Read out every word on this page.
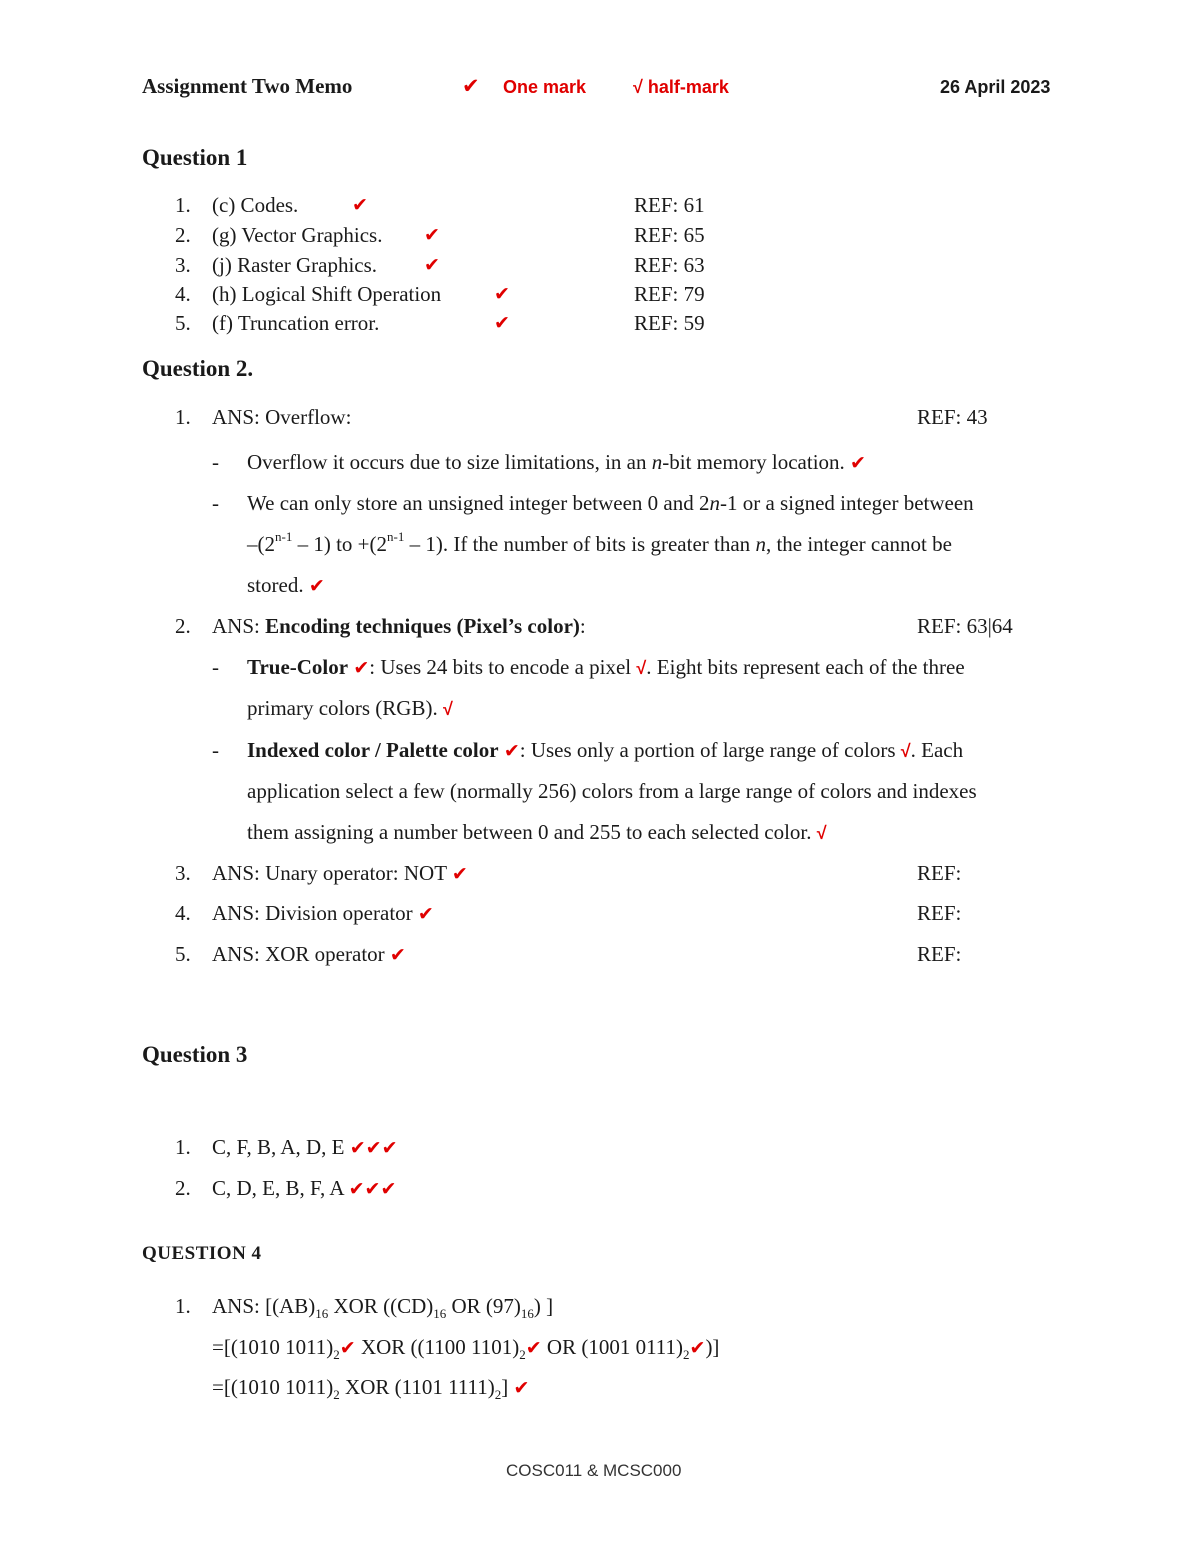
Assignment Two Memo	✔ One mark	√ half-mark	26 April 2023
Question 1
1. (c) Codes.	✔	REF: 61
2. (g) Vector Graphics. ✔	REF: 65
3. (j) Raster Graphics. ✔	REF: 63
4. (h) Logical Shift Operation	✔	REF: 79
5. (f) Truncation error.	✔	REF: 59
Question 2.
1. ANS: Overflow:	REF: 43
- Overflow it occurs due to size limitations, in an n-bit memory location. ✔
- We can only store an unsigned integer between 0 and 2n-1 or a signed integer between
–(2$^{n-1}$ – 1) to $+(2^{n-1} - 1)$. If the number of bits is greater than n, the integer cannot be
stored. ✔
2. ANS: Encoding techniques (Pixel’s color):	REF: 63|64
- True-Color ✔: Uses 24 bits to encode a pixel √. Eight bits represent each of the three
primary colors (RGB). √
- Indexed color / Palette color ✔: Uses only a portion of large range of colors √. Each
application select a few (normally 256) colors from a large range of colors and indexes
them assigning a number between 0 and 255 to each selected color. √
3. ANS: Unary operator: NOT ✔	REF:
4. ANS: Division operator ✔	REF:
5. ANS: XOR operator ✔	REF:
Question 3
1. C, F, B, A, D, E ✔✔✔
2. C, D, E, B, F, A ✔✔✔
QUESTION 4
1. ANS: [$(AB)_{16}$ XOR ($(CD)_{16}$ OR $(97)_{16}$) ]
=[(1010 $1011)_2✔$ XOR ((1100 $1101)_2✔$ OR (1001 $0111)_2✔$)]
=[(1010 $1011)_2$ XOR (1101 $1111)_2$] ✔
COSC011 & MCSC000
